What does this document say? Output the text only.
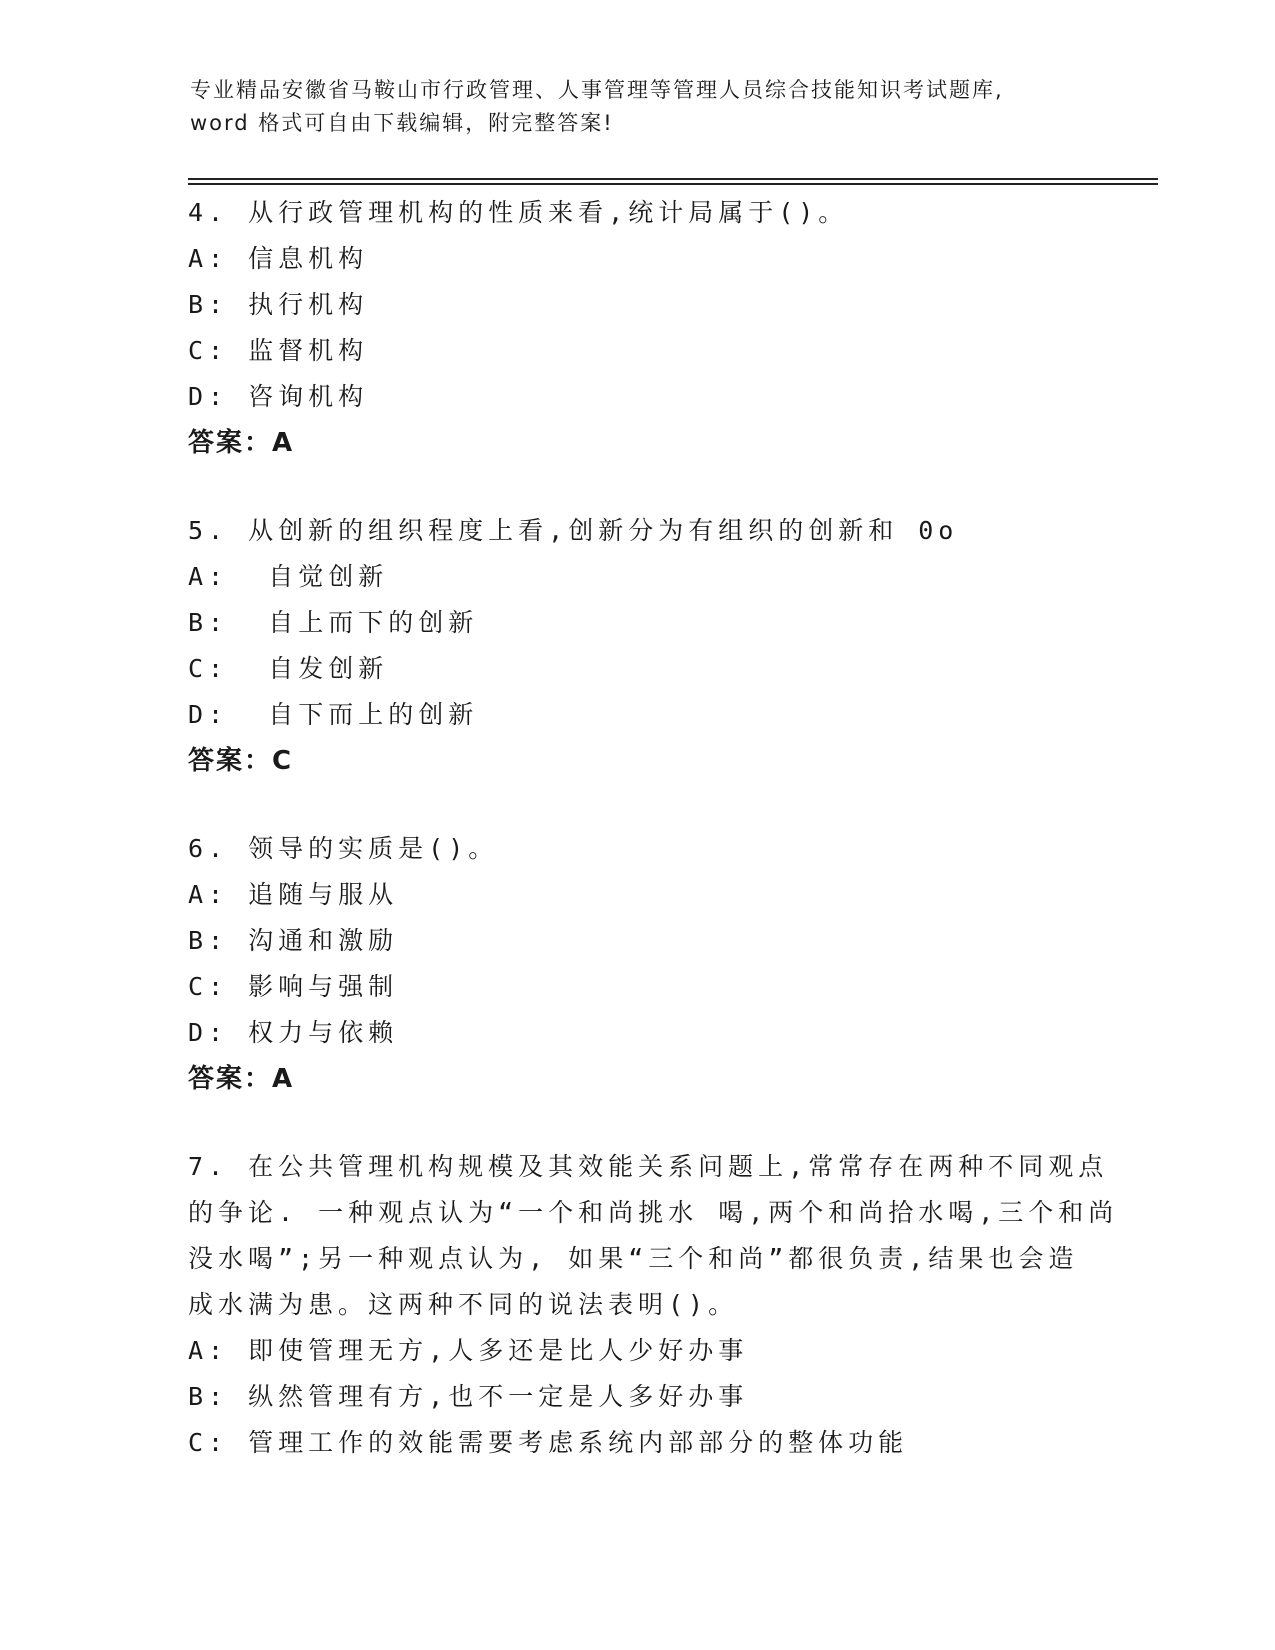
专业精品安徽省马鞍山市行政管理、人事管理等管理人员综合技能知识考试题库,
word 格式可自由下载编辑，附完整答案!
4. 从行政管理机构的性质来看,统计局属于()。
A: 信息机构
B: 执行机构
C: 监督机构
D: 咨询机构
答案：A
5. 从创新的组织程度上看,创新分为有组织的创新和 0o
A:  自觉创新
B:  自上而下的创新
C:  自发创新
D:  自下而上的创新
答案：C
6. 领导的实质是()。
A: 追随与服从
B: 沟通和激励
C: 影响与强制
D: 权力与依赖
答案：A
7. 在公共管理机构规模及其效能关系问题上,常常存在两种不同观点
的争论. 一种观点认为“一个和尚挑水 喝,两个和尚拾水喝,三个和尚
没水喝”;另一种观点认为, 如果“三个和尚”都很负责,结果也会造
成水满为患。这两种不同的说法表明()。
A: 即使管理无方,人多还是比人少好办事
B: 纵然管理有方,也不一定是人多好办事
C: 管理工作的效能需要考虑系统内部部分的整体功能
